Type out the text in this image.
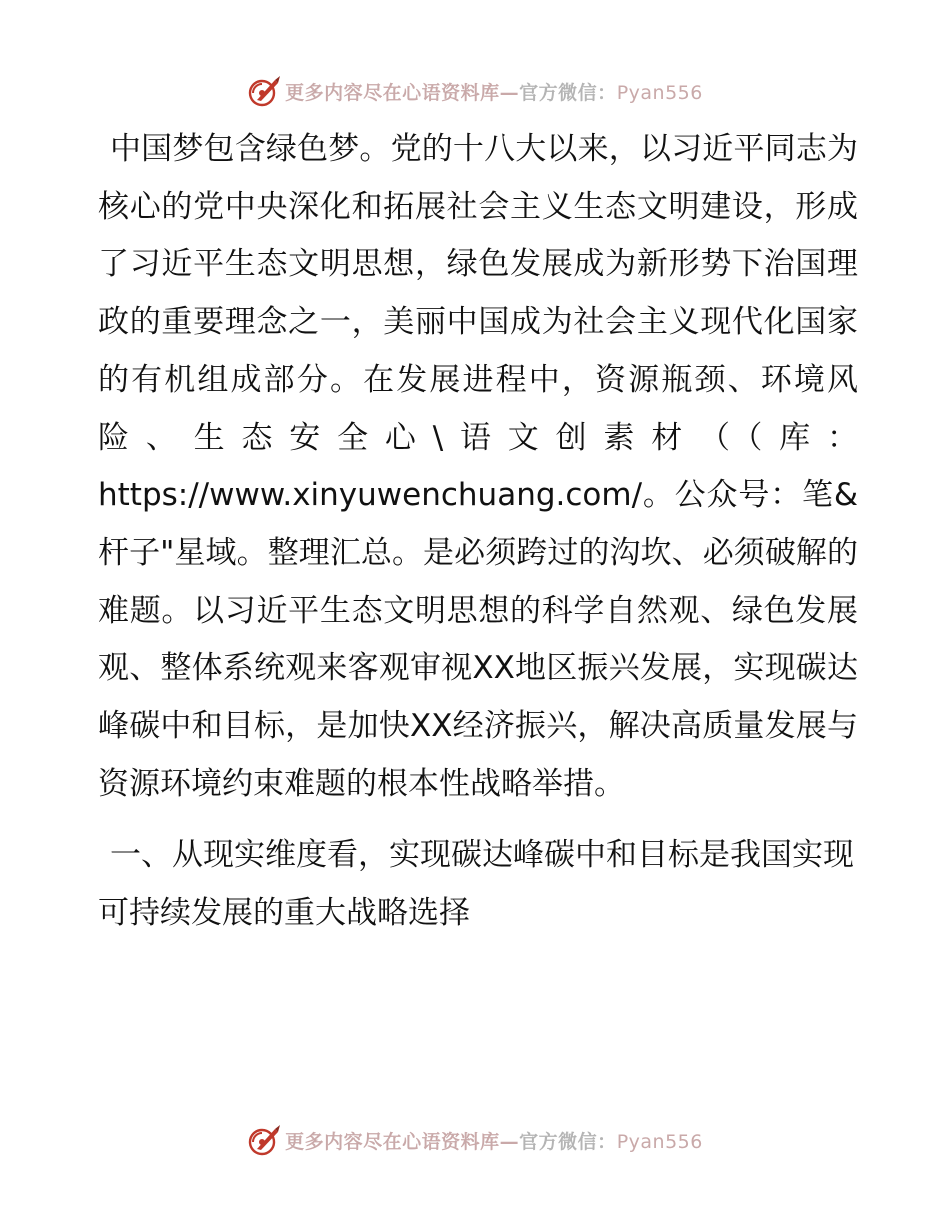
更多内容尽在心语资料库—官方微信：Pyan556

中国梦包含绿色梦。党的十八大以来，以习近平同志为核心的党中央深化和拓展社会主义生态文明建设，形成了习近平生态文明思想，绿色发展成为新形势下治国理政的重要理念之一，美丽中国成为社会主义现代化国家的有机组成部分。在发展进程中，资源瓶颈、环境风险、生态安全心\语文创素材（（库：https://www.xinyuwenchuang.com/。公众号：笔&杆子"星域。整理汇总。是必须跨过的沟坎、必须破解的难题。以习近平生态文明思想的科学自然观、绿色发展观、整体系统观来客观审视XX地区振兴发展，实现碳达峰碳中和目标，是加快XX经济振兴，解决高质量发展与资源环境约束难题的根本性战略举措。

一、从现实维度看，实现碳达峰碳中和目标是我国实现可持续发展的重大战略选择

更多内容尽在心语资料库—官方微信：Pyan556
